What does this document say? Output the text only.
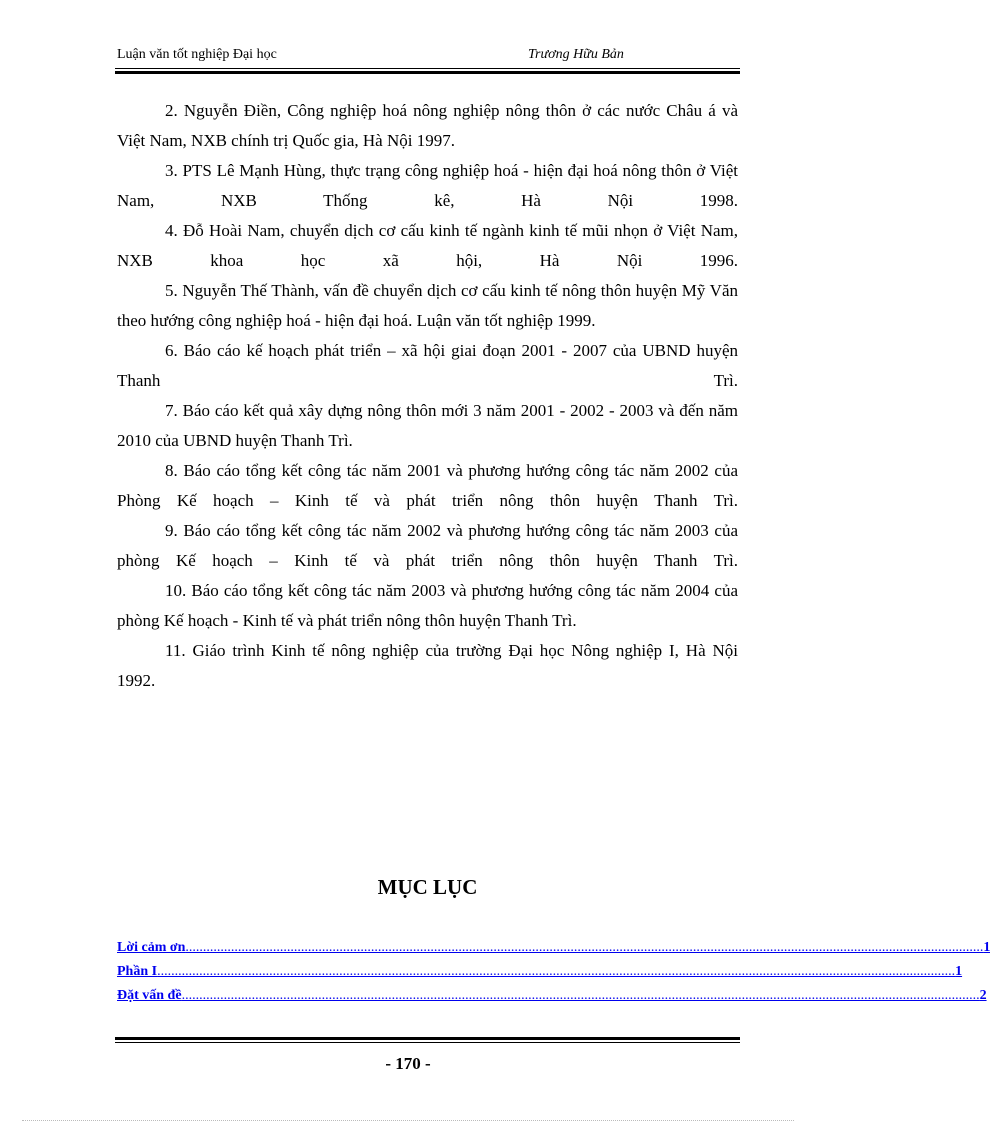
Luận văn tốt nghiệp Đại học	Trương Hữu Bản

2. Nguyễn Điền, Công nghiệp hoá nông nghiệp nông thôn ở các nước Châu á và Việt Nam, NXB chính trị Quốc gia, Hà Nội 1997.

3. PTS Lê Mạnh Hùng, thực trạng công nghiệp hoá - hiện đại hoá nông thôn ở Việt Nam, NXB Thống kê, Hà Nội 1998.

4. Đỗ Hoài Nam, chuyển dịch cơ cấu kinh tế ngành kinh tế mũi nhọn ở Việt Nam, NXB khoa học xã hội, Hà Nội 1996.

5. Nguyễn Thế Thành, vấn đề chuyển dịch cơ cấu kinh tế nông thôn huyện Mỹ Văn theo hướng công nghiệp hoá - hiện đại hoá. Luận văn tốt nghiệp 1999.

6. Báo cáo kế hoạch phát triển – xã hội giai đoạn 2001 - 2007 của UBND huyện Thanh Trì.

7. Báo cáo kết quả xây dựng nông thôn mới 3 năm 2001 - 2002 - 2003 và đến năm 2010 của UBND huyện Thanh Trì.

8. Báo cáo tổng kết công tác năm 2001 và phương hướng công tác năm 2002 của Phòng Kế hoạch – Kinh tế và phát triển nông thôn huyện Thanh Trì.

9. Báo cáo tổng kết công tác năm 2002 và phương hướng công tác năm 2003 của phòng Kế hoạch – Kinh tế và phát triển nông thôn huyện Thanh Trì.

10. Báo cáo tổng kết công tác năm 2003 và phương hướng công tác năm 2004 của phòng Kế hoạch - Kinh tế và phát triển nông thôn huyện Thanh Trì.

11. Giáo trình Kinh tế nông nghiệp của trường Đại học Nông nghiệp I, Hà Nội 1992.

MỤC LỤC
Lời cảm ơn .................................................................................................................................................................................................................................... 1
Phần I .................................................................................................................................................................................................................................... 1
Đặt vấn đề .................................................................................................................................................................................................................................... 2
- 170 -
